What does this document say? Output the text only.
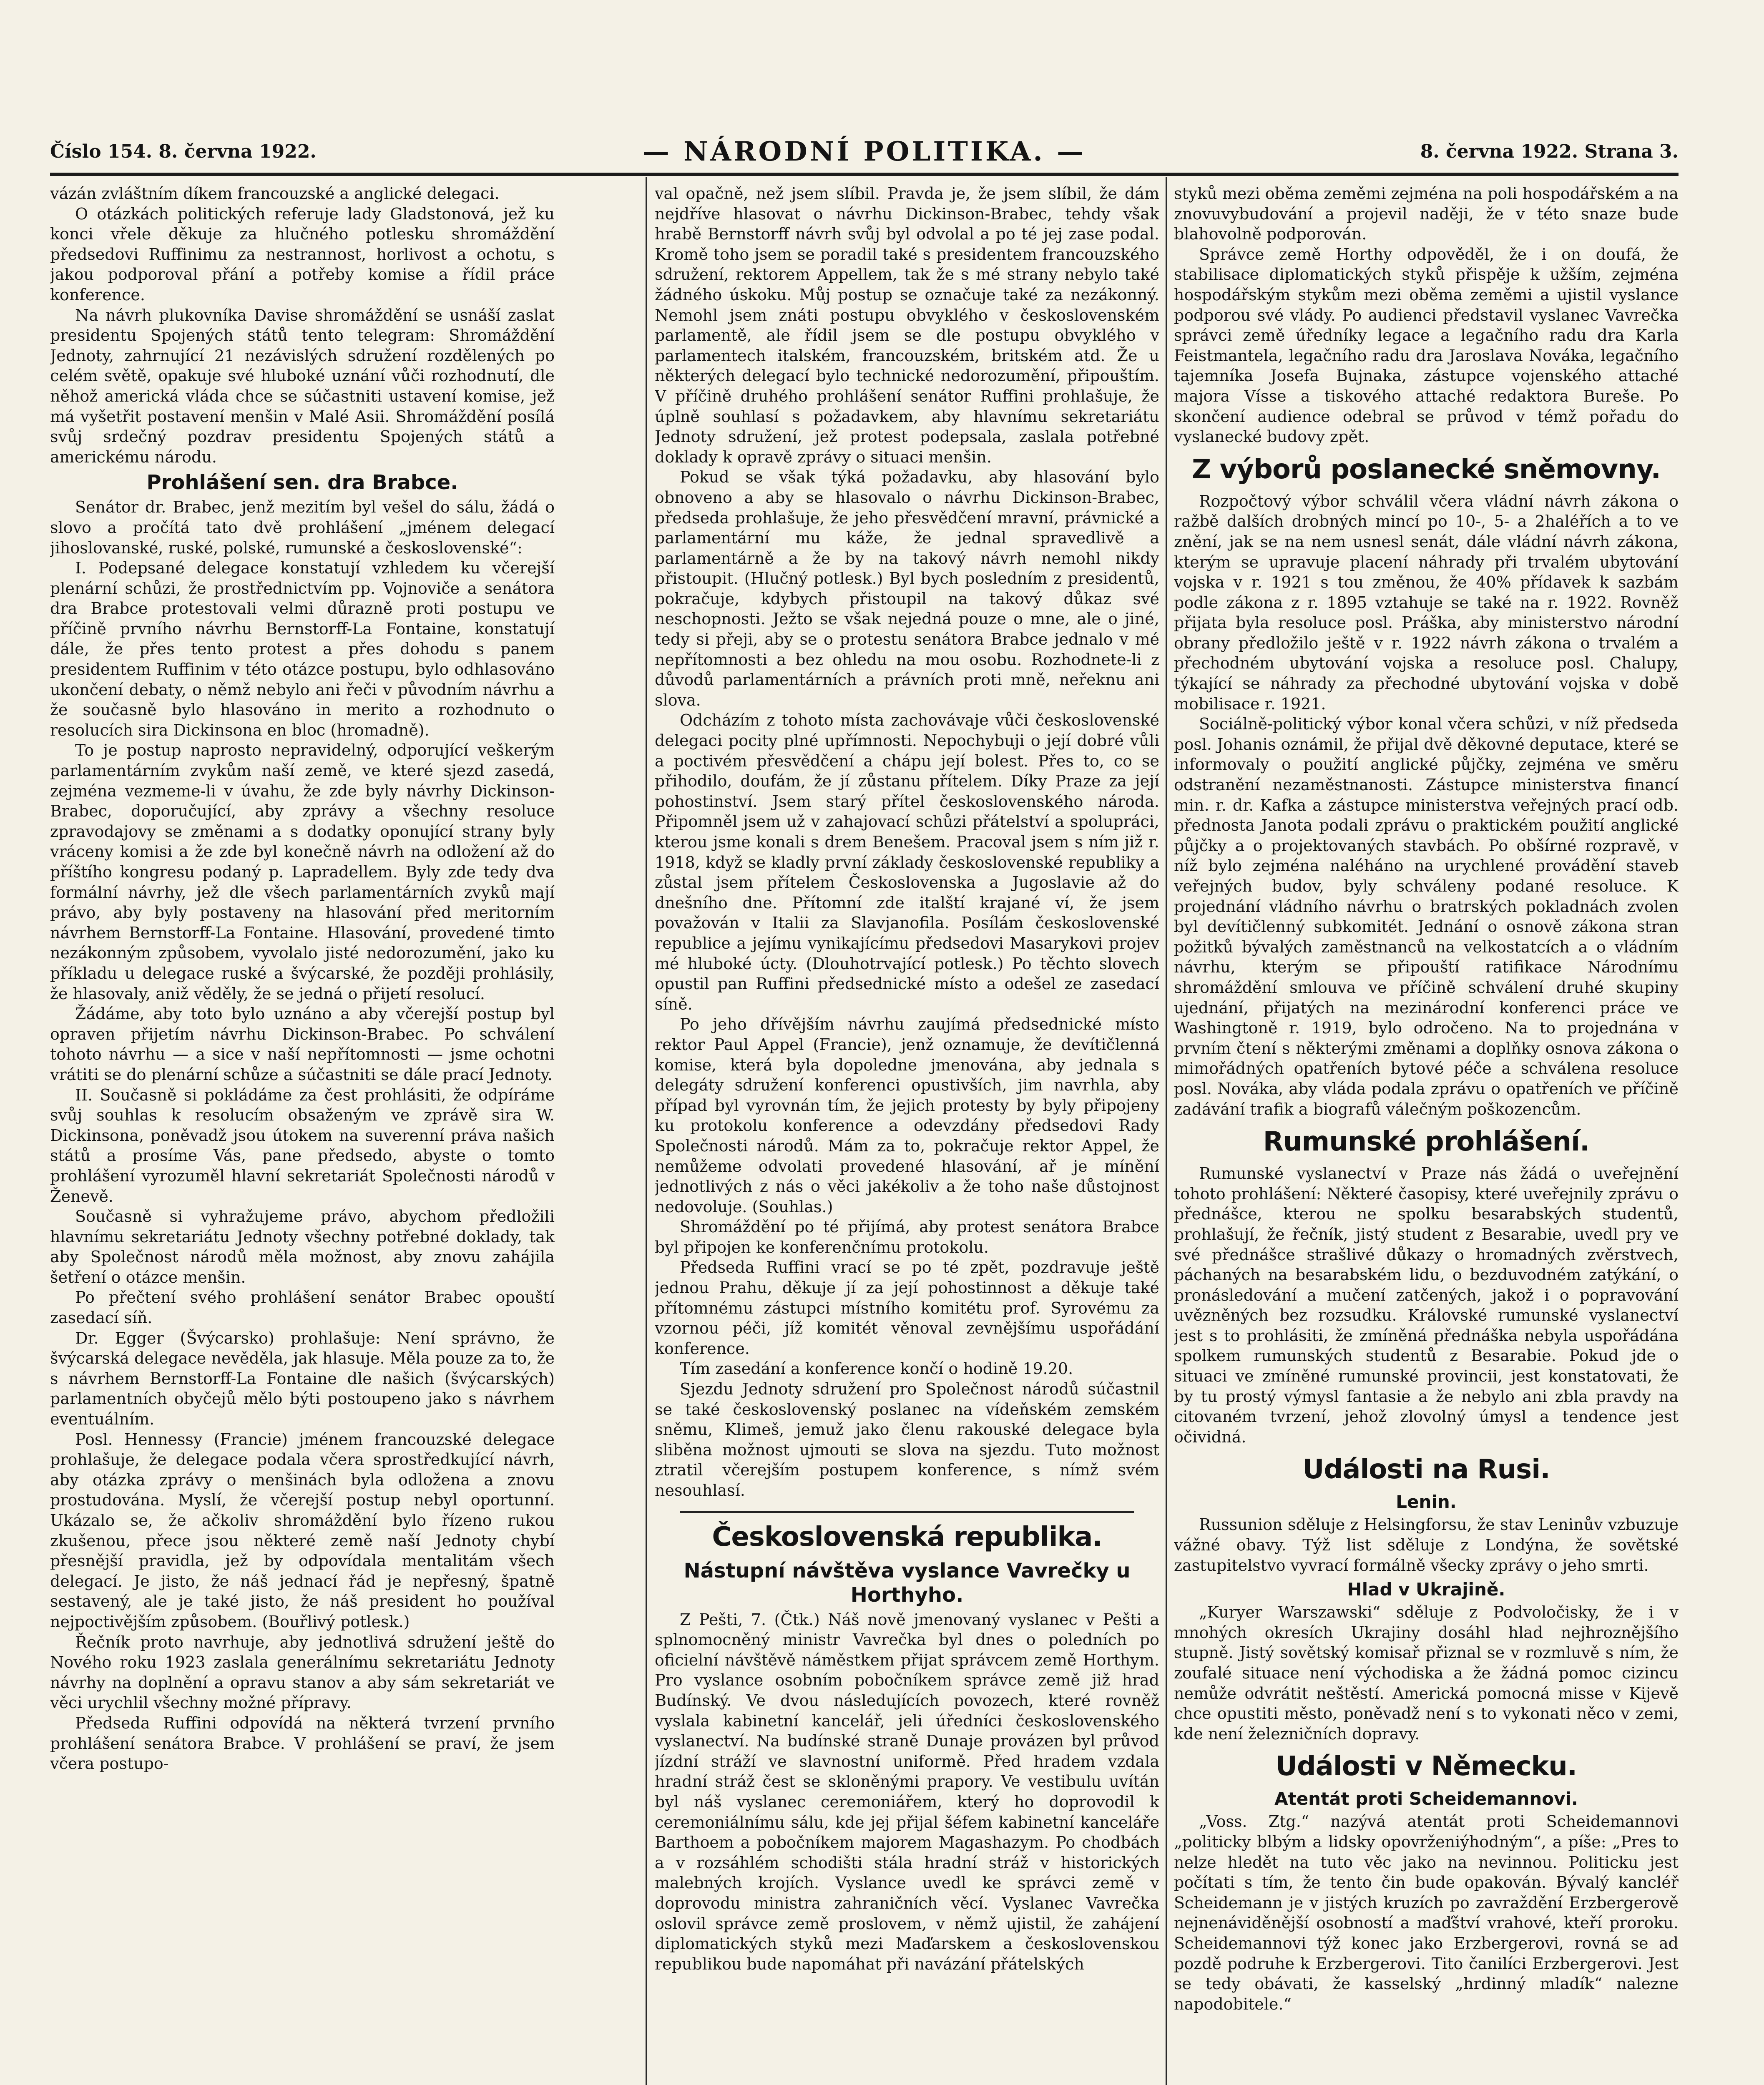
Číslo 154. 8. června 1922.	— NÁRODNÍ POLITIKA. —	8. června 1922. Strana 3.

vázán zvláštním díkem francouzské a anglické delegaci.

O otázkách politických referuje lady Gladstonová, jež ku konci vřele děkuje za hlučného potlesku shromáždění předsedovi Ruffinimu za nestrannost, horlivost a ochotu, s jakou podporoval přání a potřeby komise a řídil práce konference.

Na návrh plukovníka Davise shromáždění se usnáší zaslat presidentu Spojených států tento telegram: Shromáždění Jednoty, zahrnující 21 nezávislých sdružení rozdělených po celém světě, opakuje své hluboké uznání vůči rozhodnutí, dle něhož americká vláda chce se súčastniti ustavení komise, jež má vyšetřit postavení menšin v Malé Asii. Shromáždění posílá svůj srdečný pozdrav presidentu Spojených států a americkému národu.

Prohlášení sen. dra Brabce.

Senátor dr. Brabec, jenž mezitím byl vešel do sálu, žádá o slovo a pročítá tato dvě prohlášení „jménem delegací jihoslovanské, ruské, polské, rumunské a československé“:

I. Podepsané delegace konstatují vzhledem ku včerejší plenární schůzi, že prostřednictvím pp. Vojnoviče a senátora dra Brabce protestovali velmi důrazně proti postupu ve příčině prvního návrhu Bernstorff-La Fontaine, konstatují dále, že přes tento protest a přes dohodu s panem presidentem Ruffinim v této otázce postupu, bylo odhlasováno ukončení debaty, o němž nebylo ani řeči v původním návrhu a že současně bylo hlasováno in merito a rozhodnuto o resolucích sira Dickinsona en bloc (hromadně).

To je postup naprosto nepravidelný, odporující veškerým parlamentárním zvykům naší země, ve které sjezd zasedá, zejména vezmeme-li v úvahu, že zde byly návrhy Dickinson-Brabec, doporučující, aby zprávy a všechny resoluce zpravodajovy se změnami a s dodatky oponující strany byly vráceny komisi a že zde byl konečně návrh na odložení až do příštího kongresu podaný p. Lapradellem. Byly zde tedy dva formální návrhy, jež dle všech parlamentárních zvyků mají právo, aby byly postaveny na hlasování před meritorním návrhem Bernstorff-La Fontaine. Hlasování, provedené timto nezákonným způsobem, vyvolalo jisté nedorozumění, jako ku příkladu u delegace ruské a švýcarské, že později prohlásily, že hlasovaly, aniž věděly, že se jedná o přijetí resolucí.

Žádáme, aby toto bylo uznáno a aby včerejší postup byl opraven přijetím návrhu Dickinson-Brabec. Po schválení tohoto návrhu — a sice v naší nepřítomnosti — jsme ochotni vrátiti se do plenární schůze a súčastniti se dále prací Jednoty.

II. Současně si pokládáme za čest prohlásiti, že odpíráme svůj souhlas k resolucím obsaženým ve zprávě sira W. Dickinsona, poněvadž jsou útokem na suverenní práva našich států a prosíme Vás, pane předsedo, abyste o tomto prohlášení vyrozuměl hlavní sekretariát Společnosti národů v Ženevě.

Současně si vyhražujeme právo, abychom předložili hlavnímu sekretariátu Jednoty všechny potřebné doklady, tak aby Společnost národů měla možnost, aby znovu zahájila šetření o otázce menšin.

Po přečtení svého prohlášení senátor Brabec opouští zasedací síň.

Dr. Egger (Švýcarsko) prohlašuje: Není správno, že švýcarská delegace nevěděla, jak hlasuje. Měla pouze za to, že s návrhem Bernstorff-La Fontaine dle našich (švýcarských) parlamentních obyčejů mělo býti postoupeno jako s návrhem eventuálním.

Posl. Hennessy (Francie) jménem francouzské delegace prohlašuje, že delegace podala včera sprostředkující návrh, aby otázka zprávy o menšinách byla odložena a znovu prostudována. Myslí, že včerejší postup nebyl oportunní. Ukázalo se, že ačkoliv shromáždění bylo řízeno rukou zkušenou, přece jsou některé země naší Jednoty chybí přesnější pravidla, jež by odpovídala mentalitám všech delegací. Je jisto, že náš jednací řád je nepřesný, špatně sestavený, ale je také jisto, že náš president ho používal nejpoctivějším způsobem. (Bouřlivý potlesk.)

Řečník proto navrhuje, aby jednotlivá sdružení ještě do Nového roku 1923 zaslala generálnímu sekretariátu Jednoty návrhy na doplnění a opravu stanov a aby sám sekretariát ve věci urychlil všechny možné přípravy.

Předseda Ruffini odpovídá na některá tvrzení prvního prohlášení senátora Brabce. V prohlášení se praví, že jsem včera postupo-

val opačně, než jsem slíbil. Pravda je, že jsem slíbil, že dám nejdříve hlasovat o návrhu Dickinson-Brabec, tehdy však hrabě Bernstorff návrh svůj byl odvolal a po té jej zase podal. Kromě toho jsem se poradil také s presidentem francouzského sdružení, rektorem Appellem, tak že s mé strany nebylo také žádného úskoku. Můj postup se označuje také za nezákonný. Nemohl jsem znáti postupu obvyklého v československém parlamentě, ale řídil jsem se dle postupu obvyklého v parlamentech italském, francouzském, britském atd. Že u některých delegací bylo technické nedorozumění, připouštím. V příčině druhého prohlášení senátor Ruffini prohlašuje, že úplně souhlasí s požadavkem, aby hlavnímu sekretariátu Jednoty sdružení, jež protest podepsala, zaslala potřebné doklady k opravě zprávy o situaci menšin.

Pokud se však týká požadavku, aby hlasování bylo obnoveno a aby se hlasovalo o návrhu Dickinson-Brabec, předseda prohlašuje, že jeho přesvědčení mravní, právnické a parlamentární mu káže, že jednal spravedlivě a parlamentárně a že by na takový návrh nemohl nikdy přistoupit. (Hlučný potlesk.) Byl bych posledním z presidentů, pokračuje, kdybych přistoupil na takový důkaz své neschopnosti. Ježto se však nejedná pouze o mne, ale o jiné, tedy si přeji, aby se o protestu senátora Brabce jednalo v mé nepřítomnosti a bez ohledu na mou osobu. Rozhodnete-li z důvodů parlamentárních a právních proti mně, neřeknu ani slova.

Odcházím z tohoto místa zachovávaje vůči československé delegaci pocity plné upřímnosti. Nepochybuji o její dobré vůli a poctivém přesvědčení a chápu její bolest. Přes to, co se přihodilo, doufám, že jí zůstanu přítelem. Díky Praze za její pohostinství. Jsem starý přítel československého národa. Připomněl jsem už v zahajovací schůzi přátelství a spolupráci, kterou jsme konali s drem Benešem. Pracoval jsem s ním již r. 1918, když se kladly první základy československé republiky a zůstal jsem přítelem Československa a Jugoslavie až do dnešního dne. Přítomní zde italští krajané ví, že jsem považován v Italii za Slavjanofila. Posílám československé republice a jejímu vynikajícímu předsedovi Masarykovi projev mé hluboké úcty. (Dlouhotrvající potlesk.) Po těchto slovech opustil pan Ruffini předsednické místo a odešel ze zasedací síně.

Po jeho dřívějším návrhu zaujímá předsednické místo rektor Paul Appel (Francie), jenž oznamuje, že devítičlenná komise, která byla dopoledne jmenována, aby jednala s delegáty sdružení konferenci opustivších, jim navrhla, aby případ byl vyrovnán tím, že jejich protesty by byly připojeny ku protokolu konference a odevzdány předsedovi Rady Společnosti národů. Mám za to, pokračuje rektor Appel, že nemůžeme odvolati provedené hlasování, ař je mínění jednotlivých z nás o věci jakékoliv a že toho naše důstojnost nedovoluje. (Souhlas.)

Shromáždění po té přijímá, aby protest senátora Brabce byl připojen ke konferenčnímu protokolu.

Předseda Ruffini vrací se po té zpět, pozdravuje ještě jednou Prahu, děkuje jí za její pohostinnost a děkuje také přítomnému zástupci místního komitétu prof. Syrovému za vzornou péči, jíž komitét věnoval zevnějšímu uspořádání konference.

Tím zasedání a konference končí o hodině 19.20.

Sjezdu Jednoty sdružení pro Společnost národů súčastnil se také československý poslanec na vídeňském zemském sněmu, Klimeš, jemuž jako členu rakouské delegace byla sliběna možnost ujmouti se slova na sjezdu. Tuto možnost ztratil včerejším postupem konference, s nímž svém nesouhlasí.

Československá republika.
Nástupní návštěva vyslance Vavrečky u Horthyho.

Z Pešti, 7. (Čtk.) Náš nově jmenovaný vyslanec v Pešti a splnomocněný ministr Vavrečka byl dnes o poledních po oficielní návštěvě náměstkem přijat správcem země Horthym. Pro vyslance osobním pobočníkem správce země již hrad Budínský. Ve dvou následujících povozech, které rovněž vyslala kabinetní kancelář, jeli úředníci československého vyslanectví. Na budínské straně Dunaje provázen byl průvod jízdní stráží ve slavnostní uniformě. Před hradem vzdala hradní stráž čest se skloněnými prapory. Ve vestibulu uvítán byl náš vyslanec ceremoniářem, který ho doprovodil k ceremoniálnímu sálu, kde jej přijal šéfem kabinetní kanceláře Barthoem a pobočníkem majorem Magashazym. Po chodbách a v rozsáhlém schodišti stála hradní stráž v historických malebných krojích. Vyslance uvedl ke správci země v doprovodu ministra zahraničních věcí. Vyslanec Vavrečka oslovil správce země proslovem, v němž ujistil, že zahájení diplomatických styků mezi Maďarskem a československou republikou bude napomáhat při navázání přátelských

styků mezi oběma zeměmi zejména na poli hospodářském a na znovuvybudování a projevil naději, že v této snaze bude blahovolně podporován.

Správce země Horthy odpověděl, že i on doufá, že stabilisace diplomatických styků přispěje k užším, zejména hospodářským stykům mezi oběma zeměmi a ujistil vyslance podporou své vlády. Po audienci představil vyslanec Vavrečka správci země úředníky legace a legačního radu dra Karla Feistmantela, legačního radu dra Jaroslava Nováka, legačního tajemníka Josefa Bujnaka, zástupce vojenského attaché majora Vísse a tiskového attaché redaktora Bureše. Po skončení audience odebral se průvod v témž pořadu do vyslanecké budovy zpět.

Z výborů poslanecké sněmovny.

Rozpočtový výbor schválil včera vládní návrh zákona o ražbě dalších drobných mincí po 10-, 5- a 2haléřích a to ve znění, jak se na nem usnesl senát, dále vládní návrh zákona, kterým se upravuje placení náhrady při trvalém ubytování vojska v r. 1921 s tou změnou, že 40% přídavek k sazbám podle zákona z r. 1895 vztahuje se také na r. 1922. Rovněž přijata byla resoluce posl. Práška, aby ministerstvo národní obrany předložilo ještě v r. 1922 návrh zákona o trvalém a přechodném ubytování vojska a resoluce posl. Chalupy, týkající se náhrady za přechodné ubytování vojska v době mobilisace r. 1921.

Sociálně-politický výbor konal včera schůzi, v níž předseda posl. Johanis oznámil, že přijal dvě děkovné deputace, které se informovaly o použití anglické půjčky, zejména ve směru odstranění nezaměstnanosti. Zástupce ministerstva financí min. r. dr. Kafka a zástupce ministerstva veřejných prací odb. přednosta Janota podali zprávu o praktickém použití anglické půjčky a o projektovaných stavbách. Po obšírné rozpravě, v níž bylo zejména naléháno na urychlené provádění staveb veřejných budov, byly schváleny podané resoluce. K projednání vládního návrhu o bratrských pokladnách zvolen byl devítičlenný subkomitét. Jednání o osnově zákona stran požitků bývalých zaměstnanců na velkostatcích a o vládním návrhu, kterým se připouští ratifikace Národnímu shromáždění smlouva ve příčině schválení druhé skupiny ujednání, přijatých na mezinárodní konferenci práce ve Washingtoně r. 1919, bylo odročeno. Na to projednána v prvním čtení s některými změnami a doplňky osnova zákona o mimořádných opatřeních bytové péče a schválena resoluce posl. Nováka, aby vláda podala zprávu o opatřeních ve příčině zadávání trafik a biografů válečným poškozencům.

Rumunské prohlášení.

Rumunské vyslanectví v Praze nás žádá o uveřejnění tohoto prohlášení: Některé časopisy, které uveřejnily zprávu o přednášce, kterou ne spolku besarabských studentů, prohlašují, že řečník, jistý student z Besarabie, uvedl pry ve své přednášce strašlivé důkazy o hromadných zvěrstvech, páchaných na besarabském lidu, o bezduvodném zatýkání, o pronásledování a mučení zatčených, jakož i o popravování uvězněných bez rozsudku. Královské rumunské vyslanectví jest s to prohlásiti, že zmíněná přednáška nebyla uspořádána spolkem rumunských studentů z Besarabie. Pokud jde o situaci ve zmíněné rumunské provincii, jest konstatovati, že by tu prostý výmysl fantasie a že nebylo ani zbla pravdy na citovaném tvrzení, jehož zlovolný úmysl a tendence jest očividná.

Události na Rusi.
Lenin.

Russunion sděluje z Helsingforsu, že stav Leninův vzbuzuje vážné obavy. Týž list sděluje z Londýna, že sovětské zastupitelstvo vyvrací formálně všecky zprávy o jeho smrti.

Hlad v Ukrajině.

„Kuryer Warszawski“ sděluje z Podvoločisky, že i v mnohých okresích Ukrajiny dosáhl hlad nejhroznějšího stupně. Jistý sovětský komisař přiznal se v rozmluvě s ním, že zoufalé situace není východiska a že žádná pomoc cizincu nemůže odvrátit neštěstí. Americká pomocná misse v Kijevě chce opustiti město, poněvadž není s to vykonati něco v zemi, kde není železničních dopravy.

Události v Německu.
Atentát proti Scheidemannovi.

„Voss. Ztg.“ nazývá atentát proti Scheidemannovi „politicky blbým a lidsky opovrženiýhodným“, a píše: „Pres to nelze hledět na tuto věc jako na nevinnou. Politicku jest počítati s tím, že tento čin bude opakován. Bývalý kancléř Scheidemann je v jistých kruzích po zavraždění Erzbergerově nejnenáviděnější osobností a maďštví vrahové, kteří proroku. Scheidemannovi týž konec jako Erzbergerovi, rovná se ad pozdě podruhe k Erzbergerovi. Tito čanilíci Erzbergerovi. Jest se tedy obávati, že kasselský „hrdinný mladík“ nalezne napodobitele.“
